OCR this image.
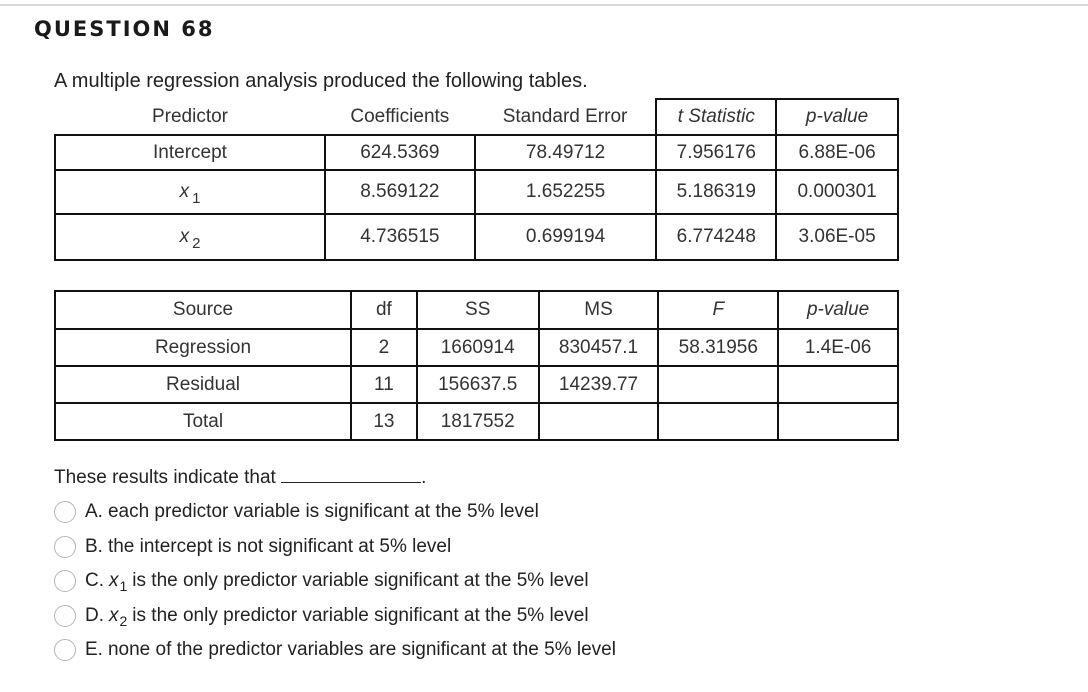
QUESTION 68
A multiple regression analysis produced the following tables.
Predictor	Coefficients	Standard Error	t Statistic	p-value
Intercept	624.5369	78.49712	7.956176	6.88E-06
x $_1$	8.569122	1.652255	5.186319	0.000301
x $_2$	4.736515	0.699194	6.774248	3.06E-05
Source	df	SS	MS	F	p-value
Regression	2	1660914	830457.1	58.31956	1.4E-06
Residual	11	156637.5	14239.77		
Total	13	1817552			
These results indicate that	.
A. each predictor variable is significant at the 5% level
B. the intercept is not significant at 5% level
C. x 1 is the only predictor variable significant at the 5% level
D. x 2 is the only predictor variable significant at the 5% level
E. none of the predictor variables are significant at the 5% level
